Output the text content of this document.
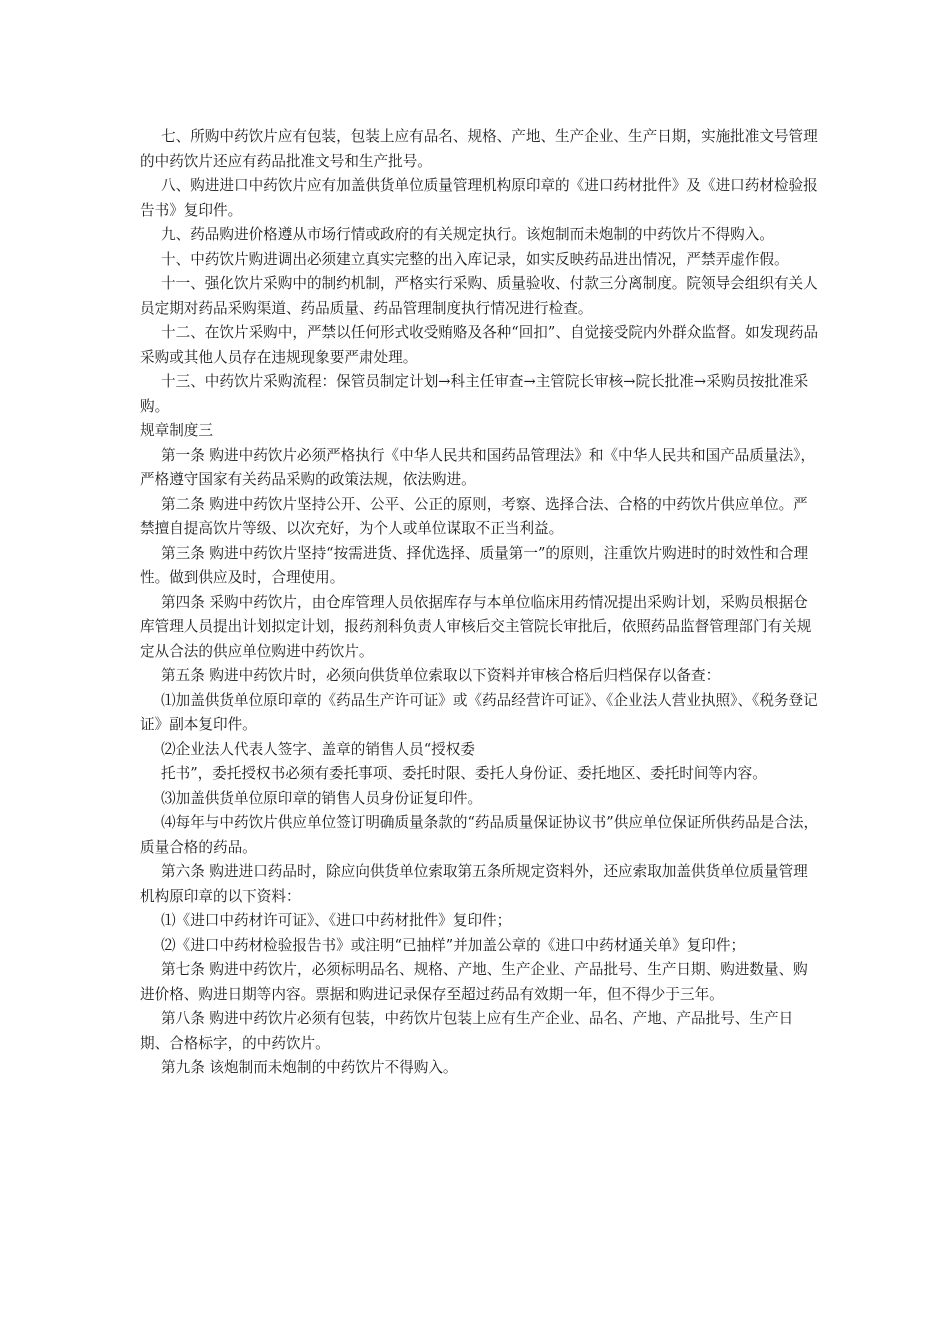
七、所购中药饮片应有包装，包装上应有品名、规格、产地、生产企业、生产日期，实施批准文号管理的中药饮片还应有药品批准文号和生产批号。

八、购进进口中药饮片应有加盖供货单位质量管理机构原印章的《进口药材批件》及《进口药材检验报告书》复印件。

九、药品购进价格遵从市场行情或政府的有关规定执行。该炮制而未炮制的中药饮片不得购入。

十、中药饮片购进调出必须建立真实完整的出入库记录，如实反映药品进出情况，严禁弄虚作假。

十一、强化饮片采购中的制约机制，严格实行采购、质量验收、付款三分离制度。院领导会组织有关人员定期对药品采购渠道、药品质量、药品管理制度执行情况进行检查。

十二、在饮片采购中，严禁以任何形式收受贿赂及各种“回扣”、自觉接受院内外群众监督。如发现药品采购或其他人员存在违规现象要严肃处理。

十三、中药饮片采购流程：保管员制定计划→科主任审查→主管院长审核→院长批准→采购员按批准采购。

规章制度三

第一条 购进中药饮片必须严格执行《中华人民共和国药品管理法》和《中华人民共和国产品质量法》，严格遵守国家有关药品采购的政策法规，依法购进。

第二条 购进中药饮片坚持公开、公平、公正的原则，考察、选择合法、合格的中药饮片供应单位。严禁擅自提高饮片等级、以次充好，为个人或单位谋取不正当利益。

第三条 购进中药饮片坚持“按需进货、择优选择、质量第一”的原则，注重饮片购进时的时效性和合理性。做到供应及时，合理使用。

第四条 采购中药饮片，由仓库管理人员依据库存与本单位临床用药情况提出采购计划，采购员根据仓库管理人员提出计划拟定计划，报药剂科负责人审核后交主管院长审批后，依照药品监督管理部门有关规定从合法的供应单位购进中药饮片。

第五条 购进中药饮片时，必须向供货单位索取以下资料并审核合格后归档保存以备查：

⑴加盖供货单位原印章的《药品生产许可证》或《药品经营许可证》、《企业法人营业执照》、《税务登记证》副本复印件。

⑵企业法人代表人签字、盖章的销售人员“授权委

托书”，委托授权书必须有委托事项、委托时限、委托人身份证、委托地区、委托时间等内容。

⑶加盖供货单位原印章的销售人员身份证复印件。

⑷每年与中药饮片供应单位签订明确质量条款的“药品质量保证协议书”供应单位保证所供药品是合法，质量合格的药品。

第六条 购进进口药品时，除应向供货单位索取第五条所规定资料外，还应索取加盖供货单位质量管理机构原印章的以下资料：

⑴《进口中药材许可证》、《进口中药材批件》复印件；

⑵《进口中药材检验报告书》或注明“已抽样”并加盖公章的《进口中药材通关单》复印件；

第七条 购进中药饮片，必须标明品名、规格、产地、生产企业、产品批号、生产日期、购进数量、购进价格、购进日期等内容。票据和购进记录保存至超过药品有效期一年，但不得少于三年。

第八条 购进中药饮片必须有包装，中药饮片包装上应有生产企业、品名、产地、产品批号、生产日期、合格标字，的中药饮片。

第九条 该炮制而未炮制的中药饮片不得购入。
